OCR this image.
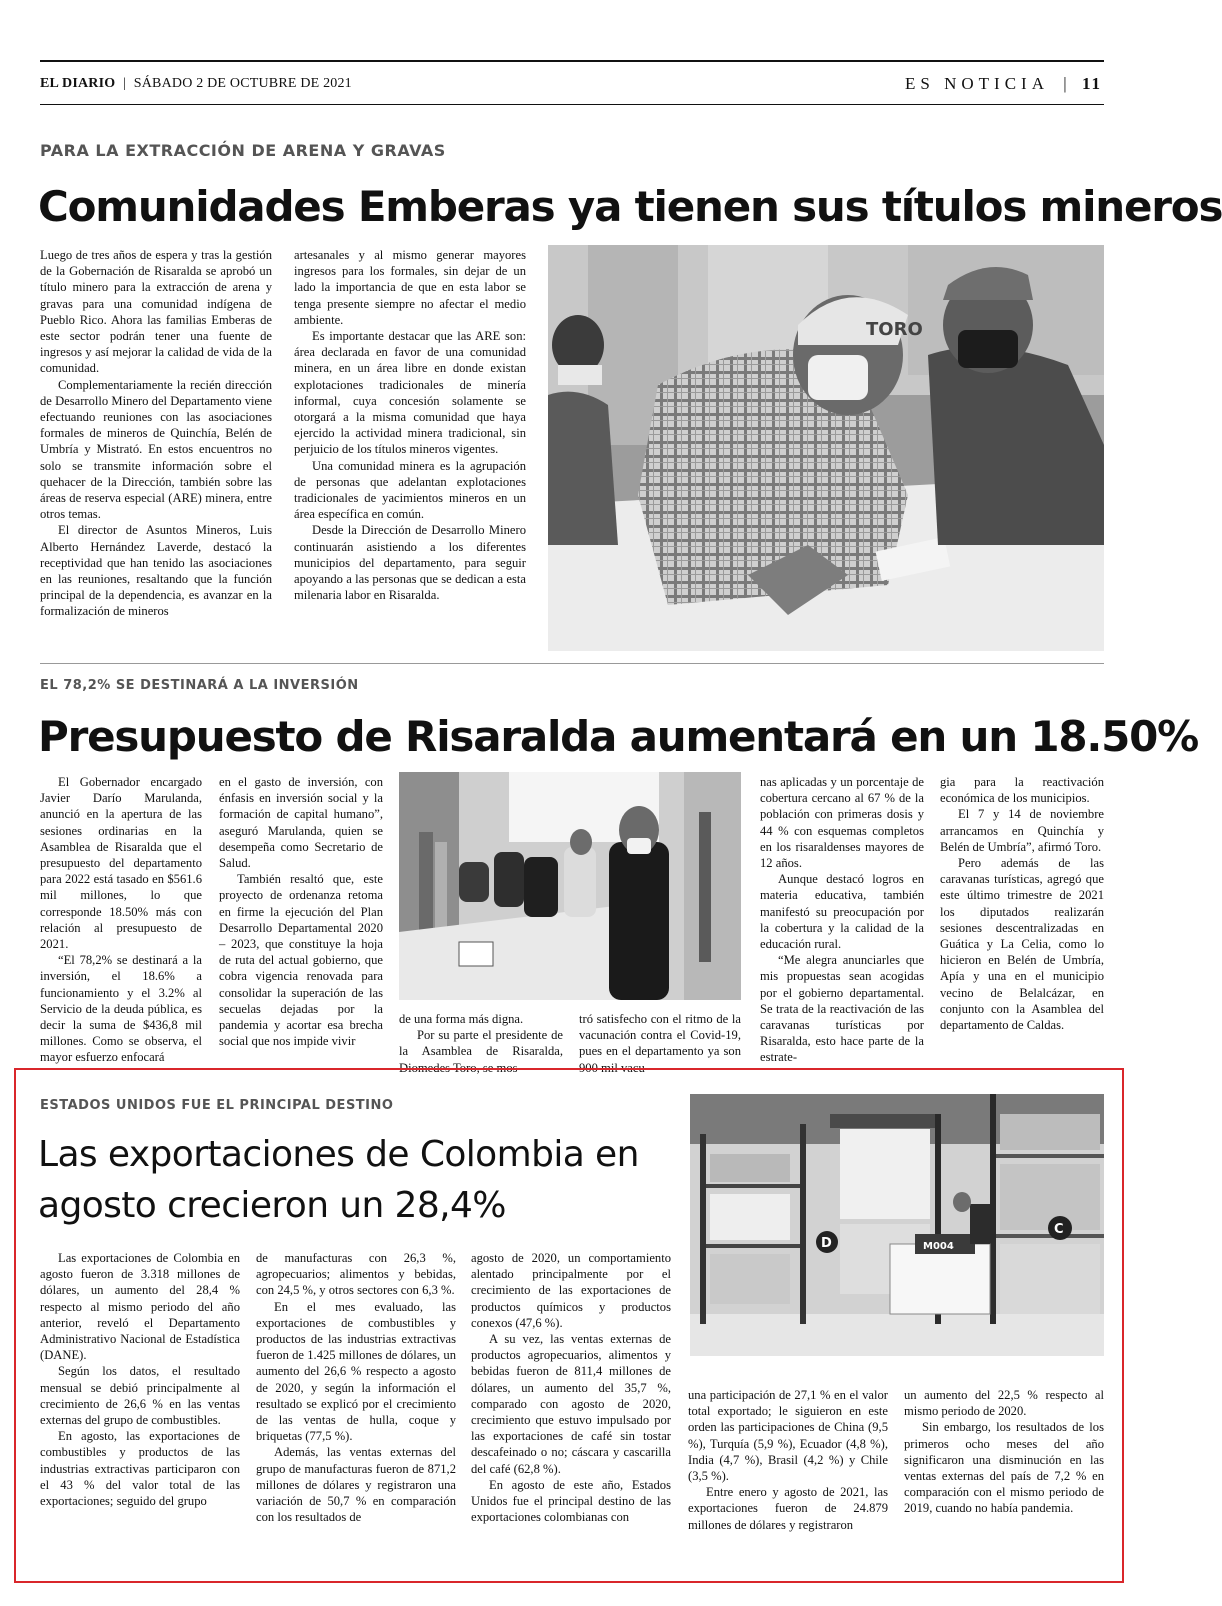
EL DIARIO | SÁBADO 2 DE OCTUBRE DE 2021	ES NOTICIA | 11
PARA LA EXTRACCIÓN DE ARENA Y GRAVAS
Comunidades Emberas ya tienen sus títulos mineros

Luego de tres años de espera y tras la gestión de la Gobernación de Risaralda se aprobó un título minero para la extracción de arena y gravas para una comunidad indígena de Pueblo Rico. Ahora las familias Emberas de este sector podrán tener una fuente de ingresos y así mejorar la calidad de vida de la comunidad.

Complementariamente la recién dirección de Desarrollo Minero del Departamento viene efectuando reuniones con las asociaciones formales de mineros de Quinchía, Belén de Umbría y Mistrató. En estos encuentros no solo se transmite información sobre el quehacer de la Dirección, también sobre las áreas de reserva especial (ARE) minera, entre otros temas.

El director de Asuntos Mineros, Luis Alberto Hernández Laverde, destacó la receptividad que han tenido las asociaciones en las reuniones, resaltando que la función principal de la dependencia, es avanzar en la formalización de mineros

artesanales y al mismo generar mayores ingresos para los formales, sin dejar de un lado la importancia de que en esta labor se tenga presente siempre no afectar el medio ambiente.

Es importante destacar que las ARE son: área declarada en favor de una comunidad minera, en un área libre en donde existan explotaciones tradicionales de minería informal, cuya concesión solamente se otorgará a la misma comunidad que haya ejercido la actividad minera tradicional, sin perjuicio de los títulos mineros vigentes.

Una comunidad minera es la agrupación de personas que adelantan explotaciones tradicionales de yacimientos mineros en un área específica en común.

Desde la Dirección de Desarrollo Minero continuarán asistiendo a los diferentes municipios del departamento, para seguir apoyando a las personas que se dedican a esta milenaria labor en Risaralda.

TORO
EL 78,2% SE DESTINARÁ A LA INVERSIÓN
Presupuesto de Risaralda aumentará en un 18.50%

El Gobernador encargado Javier Darío Marulanda, anunció en la apertura de las sesiones ordinarias en la Asamblea de Risaralda que el presupuesto del departamento para 2022 está tasado en $561.6 mil millones, lo que corresponde 18.50% más con relación al presupuesto de 2021.

“El 78,2% se destinará a la inversión, el 18.6% a funcionamiento y el 3.2% al Servicio de la deuda pública, es decir la suma de $436,8 mil millones. Como se observa, el mayor esfuerzo enfocará

en el gasto de inversión, con énfasis en inversión social y la formación de capital humano”, aseguró Marulanda, quien se desempeña como Secretario de Salud.

También resaltó que, este proyecto de ordenanza retoma en firme la ejecución del Plan Desarrollo Departamental 2020 – 2023, que constituye la hoja de ruta del actual gobierno, que cobra vigencia renovada para consolidar la superación de las secuelas dejadas por la pandemia y acortar esa brecha social que nos impide vivir

de una forma más digna.

Por su parte el presidente de la Asamblea de Risaralda, Diomedes Toro, se mos-

tró satisfecho con el ritmo de la vacunación contra el Covid-19, pues en el departamento ya son 900 mil vacu-

nas aplicadas y un porcentaje de cobertura cercano al 67 % de la población con primeras dosis y 44 % con esquemas completos en los risaraldenses mayores de 12 años.

Aunque destacó logros en materia educativa, también manifestó su preocupación por la cobertura y la calidad de la educación rural.

“Me alegra anunciarles que mis propuestas sean acogidas por el gobierno departamental. Se trata de la reactivación de las caravanas turísticas por Risaralda, esto hace parte de la estrate-

gia para la reactivación económica de los municipios.

El 7 y 14 de noviembre arrancamos en Quinchía y Belén de Umbría”, afirmó Toro.

Pero además de las caravanas turísticas, agregó que este último trimestre de 2021 los diputados realizarán sesiones descentralizadas en Guática y La Celia, como lo hicieron en Belén de Umbría, Apía y una en el municipio vecino de Belalcázar, en conjunto con la Asamblea del departamento de Caldas.

ESTADOS UNIDOS FUE EL PRINCIPAL DESTINO
Las exportaciones de Colombia en
agosto crecieron un 28,4%
M004
D
C

Las exportaciones de Colombia en agosto fueron de 3.318 millones de dólares, un aumento del 28,4 % respecto al mismo periodo del año anterior, reveló el Departamento Administrativo Nacional de Estadística (DANE).

Según los datos, el resultado mensual se debió principalmente al crecimiento de 26,6 % en las ventas externas del grupo de combustibles.

En agosto, las exportaciones de combustibles y productos de las industrias extractivas participaron con el 43 % del valor total de las exportaciones; seguido del grupo

de manufacturas con 26,3 %, agropecuarios; alimentos y bebidas, con 24,5 %, y otros sectores con 6,3 %.

En el mes evaluado, las exportaciones de combustibles y productos de las industrias extractivas fueron de 1.425 millones de dólares, un aumento del 26,6 % respecto a agosto de 2020, y según la información el resultado se explicó por el crecimiento de las ventas de hulla, coque y briquetas (77,5 %).

Además, las ventas externas del grupo de manufacturas fueron de 871,2 millones de dólares y registraron una variación de 50,7 % en comparación con los resultados de

agosto de 2020, un comportamiento alentado principalmente por el crecimiento de las exportaciones de productos químicos y productos conexos (47,6 %).

A su vez, las ventas externas de productos agropecuarios, alimentos y bebidas fueron de 811,4 millones de dólares, un aumento del 35,7 %, comparado con agosto de 2020, crecimiento que estuvo impulsado por las exportaciones de café sin tostar descafeinado o no; cáscara y cascarilla del café (62,8 %).

En agosto de este año, Estados Unidos fue el principal destino de las exportaciones colombianas con

una participación de 27,1 % en el valor total exportado; le siguieron en este orden las participaciones de China (9,5 %), Turquía (5,9 %), Ecuador (4,8 %), India (4,7 %), Brasil (4,2 %) y Chile (3,5 %).

Entre enero y agosto de 2021, las exportaciones fueron de 24.879 millones de dólares y registraron

un aumento del 22,5 % respecto al mismo periodo de 2020.

Sin embargo, los resultados de los primeros ocho meses del año significaron una disminución en las ventas externas del país de 7,2 % en comparación con el mismo periodo de 2019, cuando no había pandemia.
